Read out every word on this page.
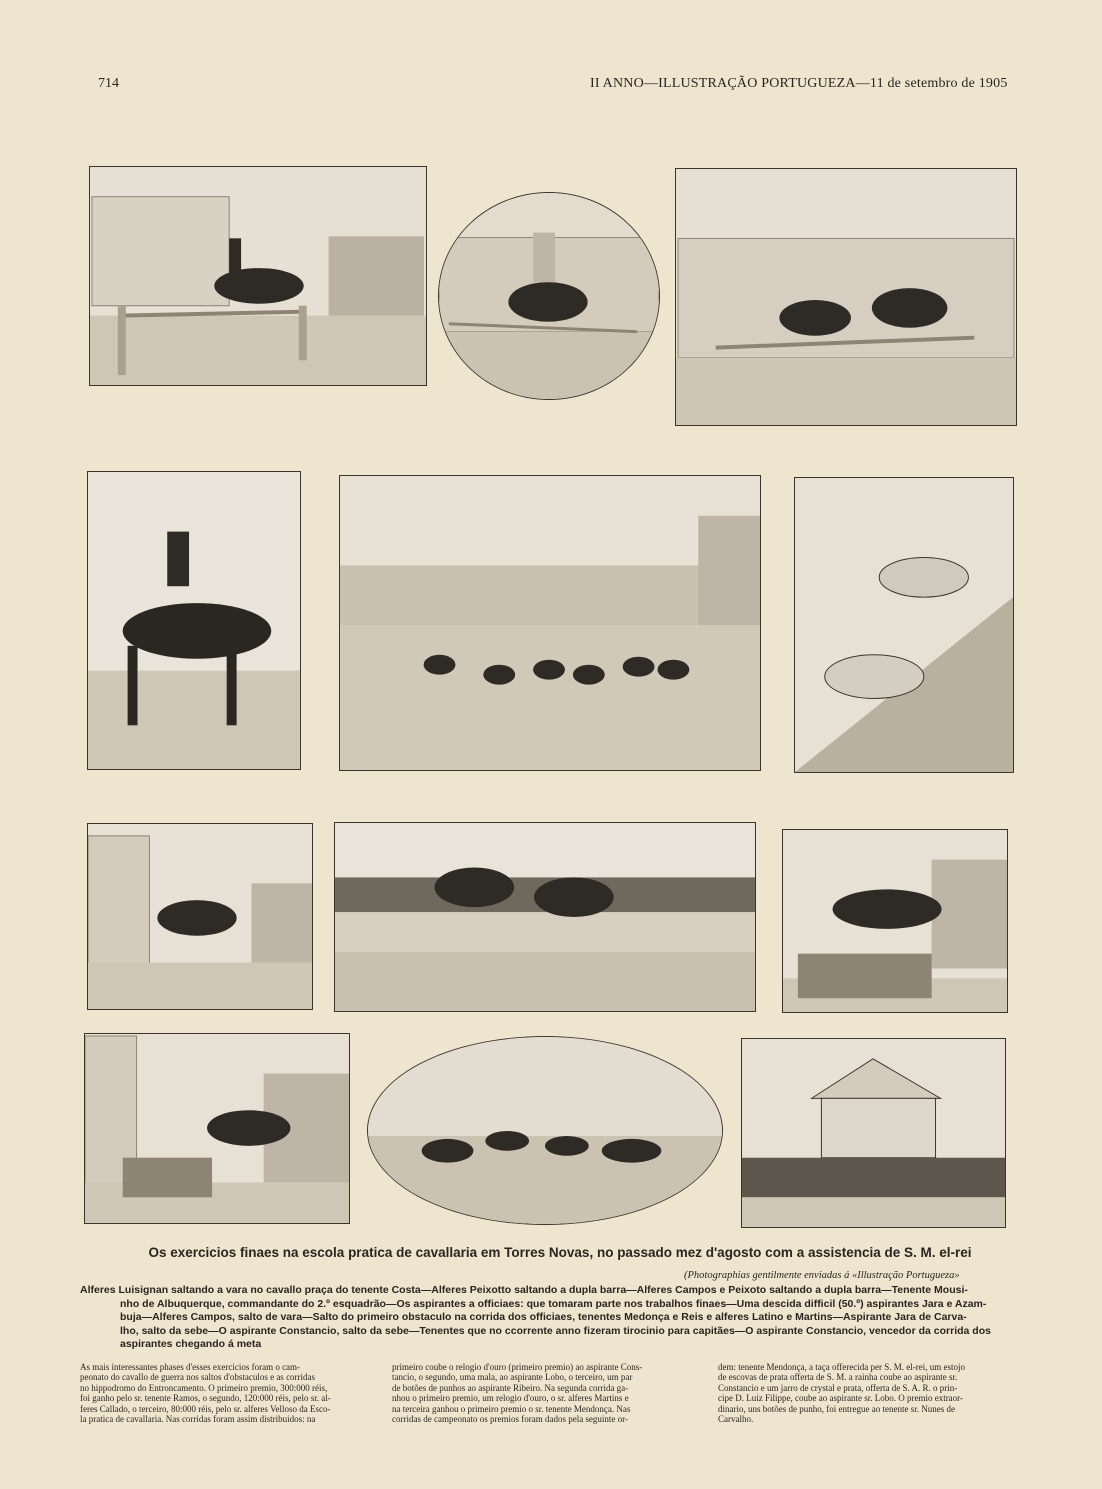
714	II ANNO—ILLUSTRAÇÃO PORTUGUEZA—11 de setembro de 1905
Os exercicios finaes na escola pratica de cavallaria em Torres Novas, no passado mez d'agosto com a assistencia de S. M. el-rei
(Photographias gentilmente enviadas á «Illustração Portugueza»
Alferes Luisignan saltando a vara no cavallo praça do tenente Costa—Alferes Peixotto saltando a dupla barra—Alferes Campos e Peixoto saltando a dupla barra—Tenente Mousi-
nho de Albuquerque, commandante do 2.º esquadrão—Os aspirantes a officiaes: que tomaram parte nos trabalhos finaes—Uma descida difficil (50.º) aspirantes Jara e Azam-
buja—Alferes Campos, salto de vara—Salto do primeiro obstaculo na corrida dos officiaes, tenentes Medonça e Reis e alferes Latino e Martins—Aspirante Jara de Carva-
lho, salto da sebe—O aspirante Constancio, salto da sebe—Tenentes que no ccorrente anno fizeram tirocinio para capitães—O aspirante Constancio, vencedor da corrida dos
aspirantes chegando á meta
As mais interessantes phases d'esses exercicios foram o cam-
peonato do cavallo de guerra nos saltos d'obstaculos e as corridas
no hippodromo do Entroncamento. O primeiro premio, 300:000 réis,
foi ganho pelo sr. tenente Ramos, o segundo, 120:000 réis, pelo sr. al-
feres Callado, o terceiro, 80:000 réis, pelo sr. alferes Velloso da Esco-
la pratica de cavallaria. Nas corridas foram assim distribuidos: na
primeiro coube o relogio d'ouro (primeiro premio) ao aspirante Cons-
tancio, o segundo, uma mala, ao aspirante Lobo, o terceiro, um par
de botões de punhos ao aspirante Ribeiro. Na segunda corrida ga-
nhou o primeiro premio, um relogio d'ouro, o sr. alferes Martins e
na terceira ganhou o primeiro premio o sr. tenente Mendonça. Nas
corridas de campeonato os premios foram dados pela seguinte or-
dem: tenente Mendonça, a taça offerecida per S. M. el-rei, um estojo
de escovas de prata offerta de S. M. a rainha coube ao aspirante sr.
Constancio e um jarro de crystal e prata, offerta de S. A. R. o prin-
cipe D. Luiz Filippe, coube ao aspirante sr. Lobo. O premio extraor-
dinario, uns botões de punho, foi entregue ao tenente sr. Nunes de
Carvalho.
